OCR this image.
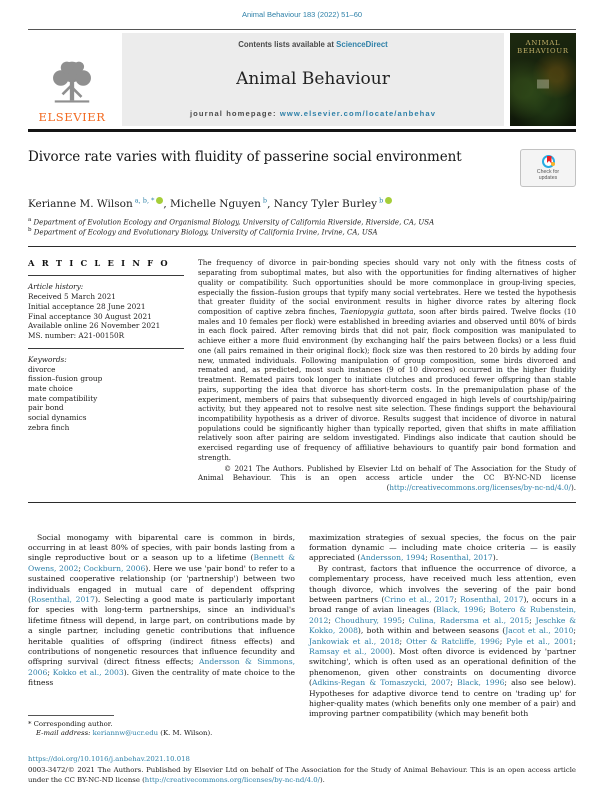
Animal Behaviour 183 (2022) 51–60
ELSEVIER
Contents lists available at ScienceDirect
Animal Behaviour
journal homepage: www.elsevier.com/locate/anbehav
ANIMAL
BEHAVIOUR
Divorce rate varies with fluidity of passerine social environment
Check for
updates
Kerianne M. Wilson $^{a, b, *}$ , Michelle Nguyen $^b$, Nancy Tyler Burley $^b$
$^a$ Department of Evolution Ecology and Organismal Biology, University of California Riverside, Riverside, CA, USA
$^b$ Department of Ecology and Evolutionary Biology, University of California Irvine, Irvine, CA, USA
A R T I C L E I N F O
Article history:
Received 5 March 2021
Initial acceptance 28 June 2021
Final acceptance 30 August 2021
Available online 26 November 2021
MS. number: A21-00150R
Keywords:
divorce
fission–fusion group
mate choice
mate compatibility
pair bond
social dynamics
zebra finch
The frequency of divorce in pair-bonding species should vary not only with the fitness costs of separating from suboptimal mates, but also with the opportunities for finding alternatives of higher quality or compatibility. Such opportunities should be more commonplace in group-living species, especially the fission–fusion groups that typify many social vertebrates. Here we tested the hypothesis that greater fluidity of the social environment results in higher divorce rates by altering flock composition of captive zebra finches, Taeniopygia guttata, soon after birds paired. Twelve flocks (10 males and 10 females per flock) were established in breeding aviaries and observed until 80% of birds in each flock paired. After removing birds that did not pair, flock composition was manipulated to achieve either a more fluid environment (by exchanging half the pairs between flocks) or a less fluid one (all pairs remained in their original flock); flock size was then restored to 20 birds by adding four new, unmated individuals. Following manipulation of group composition, some birds divorced and remated and, as predicted, most such instances (9 of 10 divorces) occurred in the higher fluidity treatment. Remated pairs took longer to initiate clutches and produced fewer offspring than stable pairs, supporting the idea that divorce has short-term costs. In the premanipulation phase of the experiment, members of pairs that subsequently divorced engaged in high levels of courtship/pairing activity, but they appeared not to resolve nest site selection. These findings support the behavioural incompatibility hypothesis as a driver of divorce. Results suggest that incidence of divorce in natural populations could be significantly higher than typically reported, given that shifts in mate affiliation relatively soon after pairing are seldom investigated. Findings also indicate that caution should be exercised regarding use of frequency of affiliative behaviours to quantify pair bond formation and strength.
© 2021 The Authors. Published by Elsevier Ltd on behalf of The Association for the Study of Animal Behaviour. This is an open access article under the CC BY-NC-ND license (http://creativecommons.org/licenses/by-nc-nd/4.0/).

Social monogamy with biparental care is common in birds, occurring in at least 80% of species, with pair bonds lasting from a single reproductive bout or a season up to a lifetime (Bennett & Owens, 2002; Cockburn, 2006). Here we use 'pair bond' to refer to a sustained cooperative relationship (or 'partnership') between two individuals engaged in mutual care of dependent offspring (Rosenthal, 2017). Selecting a good mate is particularly important for species with long-term partnerships, since an individual's lifetime fitness will depend, in large part, on contributions made by a single partner, including genetic contributions that influence heritable qualities of offspring (indirect fitness effects) and contributions of nongenetic resources that influence fecundity and offspring survival (direct fitness effects; Andersson & Simmons, 2006; Kokko et al., 2003). Given the centrality of mate choice to the fitness

* Corresponding author.
E-mail address: keriannw@ucr.edu (K. M. Wilson).

maximization strategies of sexual species, the focus on the pair formation dynamic — including mate choice criteria — is easily appreciated (Andersson, 1994; Rosenthal, 2017).

By contrast, factors that influence the occurrence of divorce, a complementary process, have received much less attention, even though divorce, which involves the severing of the pair bond between partners (Crino et al., 2017; Rosenthal, 2017), occurs in a broad range of avian lineages (Black, 1996; Botero & Rubenstein, 2012; Choudhury, 1995; Culina, Radersma et al., 2015; Jeschke & Kokko, 2008), both within and between seasons (Jacot et al., 2010; Jankowiak et al., 2018; Otter & Ratcliffe, 1996; Pyle et al., 2001; Ramsay et al., 2000). Most often divorce is evidenced by 'partner switching', which is often used as an operational definition of the phenomenon, given other constraints on documenting divorce (Adkins-Regan & Tomaszycki, 2007; Black, 1996; also see below). Hypotheses for adaptive divorce tend to centre on 'trading up' for higher-quality mates (which benefits only one member of a pair) and improving partner compatibility (which may benefit both

https://doi.org/10.1016/j.anbehav.2021.10.018
0003-3472/© 2021 The Authors. Published by Elsevier Ltd on behalf of The Association for the Study of Animal Behaviour. This is an open access article under the CC BY-NC-ND license (http://creativecommons.org/licenses/by-nc-nd/4.0/).
